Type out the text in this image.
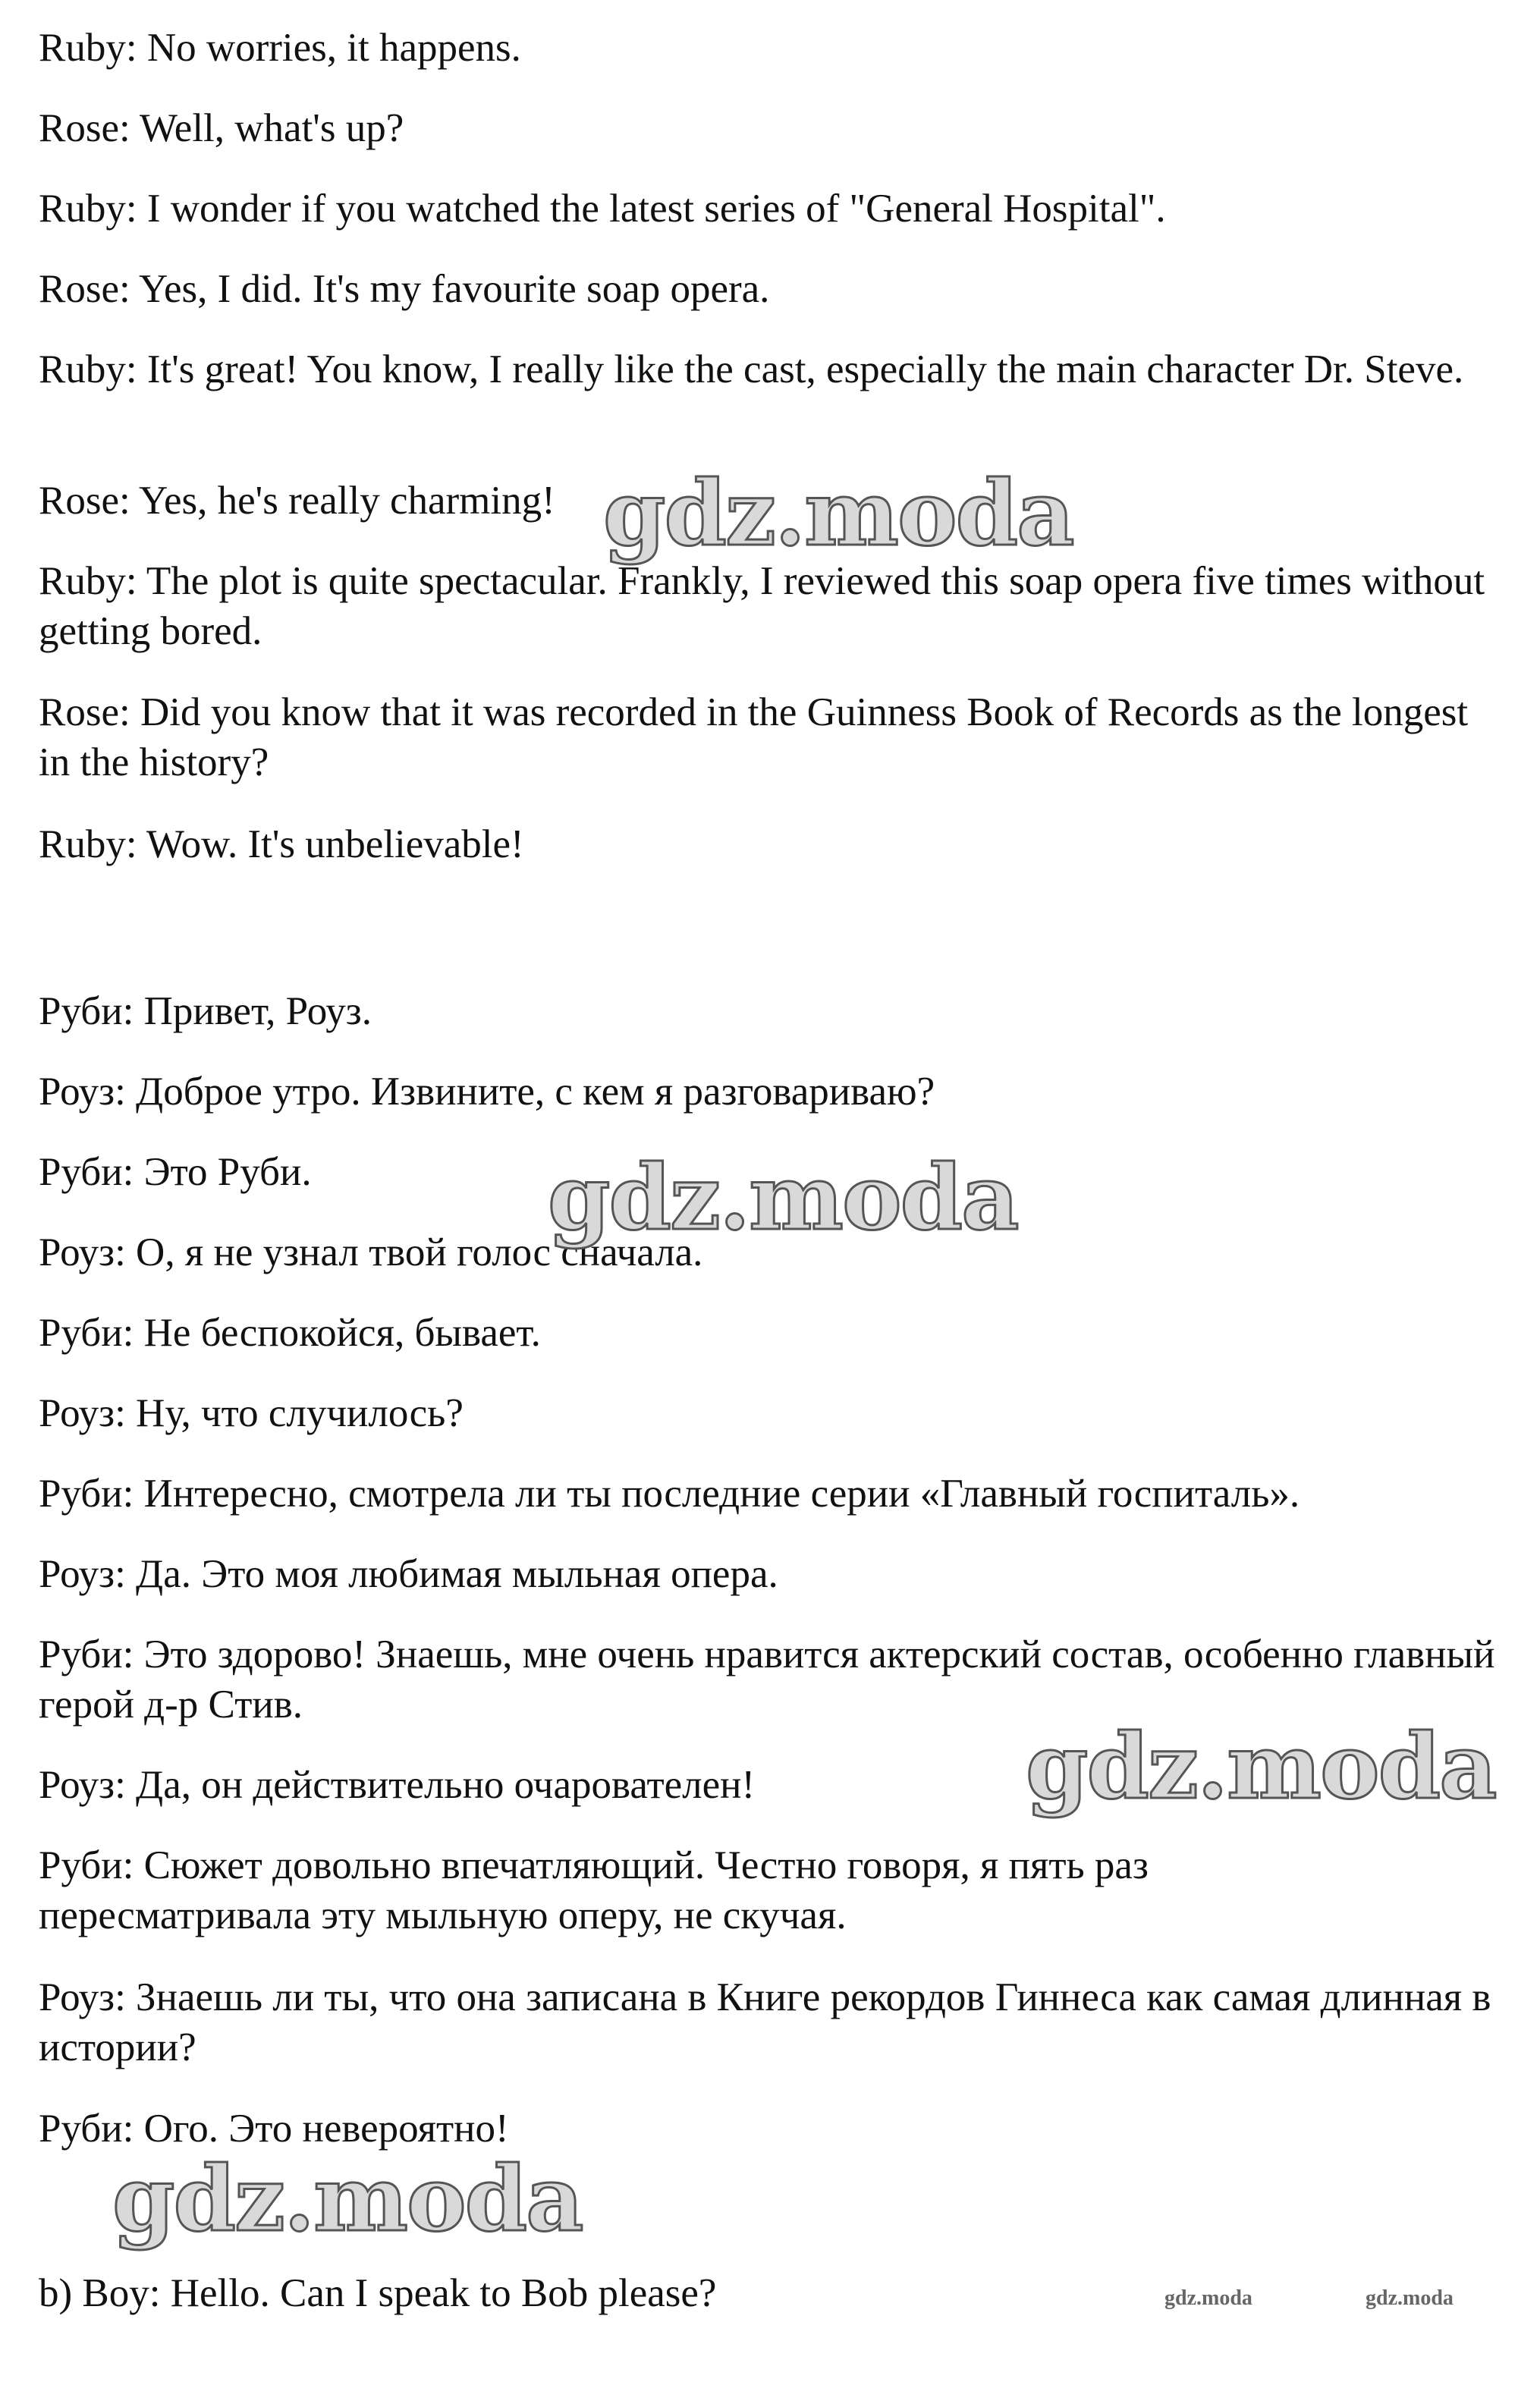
Ruby: No worries, it happens.
Rose: Well, what's up?
Ruby: I wonder if you watched the latest series of "General Hospital".
Rose: Yes, I did. It's my favourite soap opera.
Ruby: It's great! You know, I really like the cast, especially the main character Dr. Steve.
Rose: Yes, he's really charming!
Ruby: The plot is quite spectacular. Frankly, I reviewed this soap opera five times without getting bored.
Rose: Did you know that it was recorded in the Guinness Book of Records as the longest in the history?
Ruby: Wow. It's unbelievable!
Руби: Привет, Роуз.
Роуз: Доброе утро. Извините, с кем я разговариваю?
Руби: Это Руби.
Роуз: О, я не узнал твой голос сначала.
Руби: Не беспокойся, бывает.
Роуз: Ну, что случилось?
Руби: Интересно, смотрела ли ты последние серии «Главный госпиталь».
Роуз: Да. Это моя любимая мыльная опера.
Руби: Это здорово! Знаешь, мне очень нравится актерский состав, особенно главный герой д-р Стив.
Роуз: Да, он действительно очарователен!
Руби: Сюжет довольно впечатляющий. Честно говоря, я пять раз пересматривала эту мыльную оперу, не скучая.
Роуз: Знаешь ли ты, что она записана в Книге рекордов Гиннеса как самая длинная в истории?
Руби: Ого. Это невероятно!
b) Boy: Hello. Can I speak to Bob please?
gdz.moda
gdz.moda
gdz.moda
gdz.moda
gdz.moda	gdz.moda
